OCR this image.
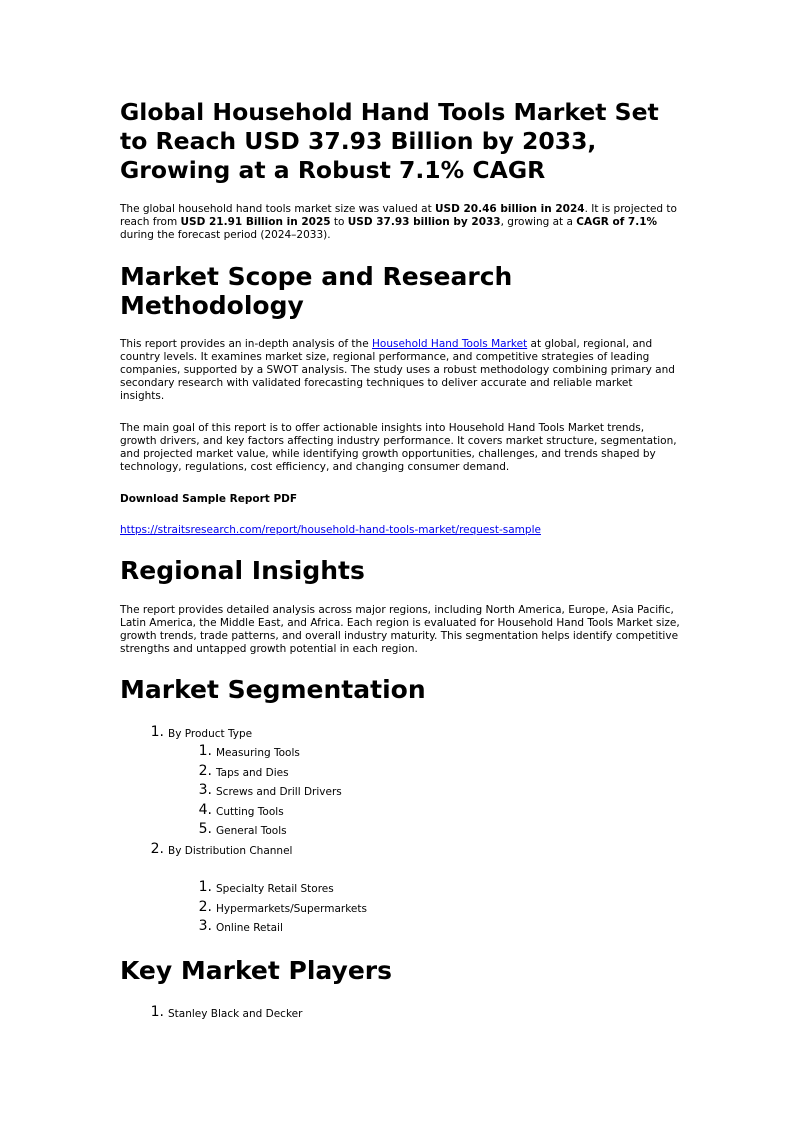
Global Household Hand Tools Market Set to Reach USD 37.93 Billion by 2033, Growing at a Robust 7.1% CAGR

The global household hand tools market size was valued at USD 20.46 billion in 2024. It is projected to reach from USD 21.91 Billion in 2025 to USD 37.93 billion by 2033, growing at a CAGR of 7.1% during the forecast period (2024–2033).

Market Scope and Research Methodology

This report provides an in-depth analysis of the Household Hand Tools Market at global, regional, and country levels. It examines market size, regional performance, and competitive strategies of leading companies, supported by a SWOT analysis. The study uses a robust methodology combining primary and secondary research with validated forecasting techniques to deliver accurate and reliable market insights.

The main goal of this report is to offer actionable insights into Household Hand Tools Market trends, growth drivers, and key factors affecting industry performance. It covers market structure, segmentation, and projected market value, while identifying growth opportunities, challenges, and trends shaped by technology, regulations, cost efficiency, and changing consumer demand.

Download Sample Report PDF

https://straitsresearch.com/report/household-hand-tools-market/request-sample

Regional Insights

The report provides detailed analysis across major regions, including North America, Europe, Asia Pacific, Latin America, the Middle East, and Africa. Each region is evaluated for Household Hand Tools Market size, growth trends, trade patterns, and overall industry maturity. This segmentation helps identify competitive strengths and untapped growth potential in each region.

Market Segmentation
1. By Product Type
1. Measuring Tools
2. Taps and Dies
3. Screws and Drill Drivers
4. Cutting Tools
5. General Tools
2. By Distribution Channel
1. Specialty Retail Stores
2. Hypermarkets/Supermarkets
3. Online Retail
Key Market Players
1. Stanley Black and Decker
